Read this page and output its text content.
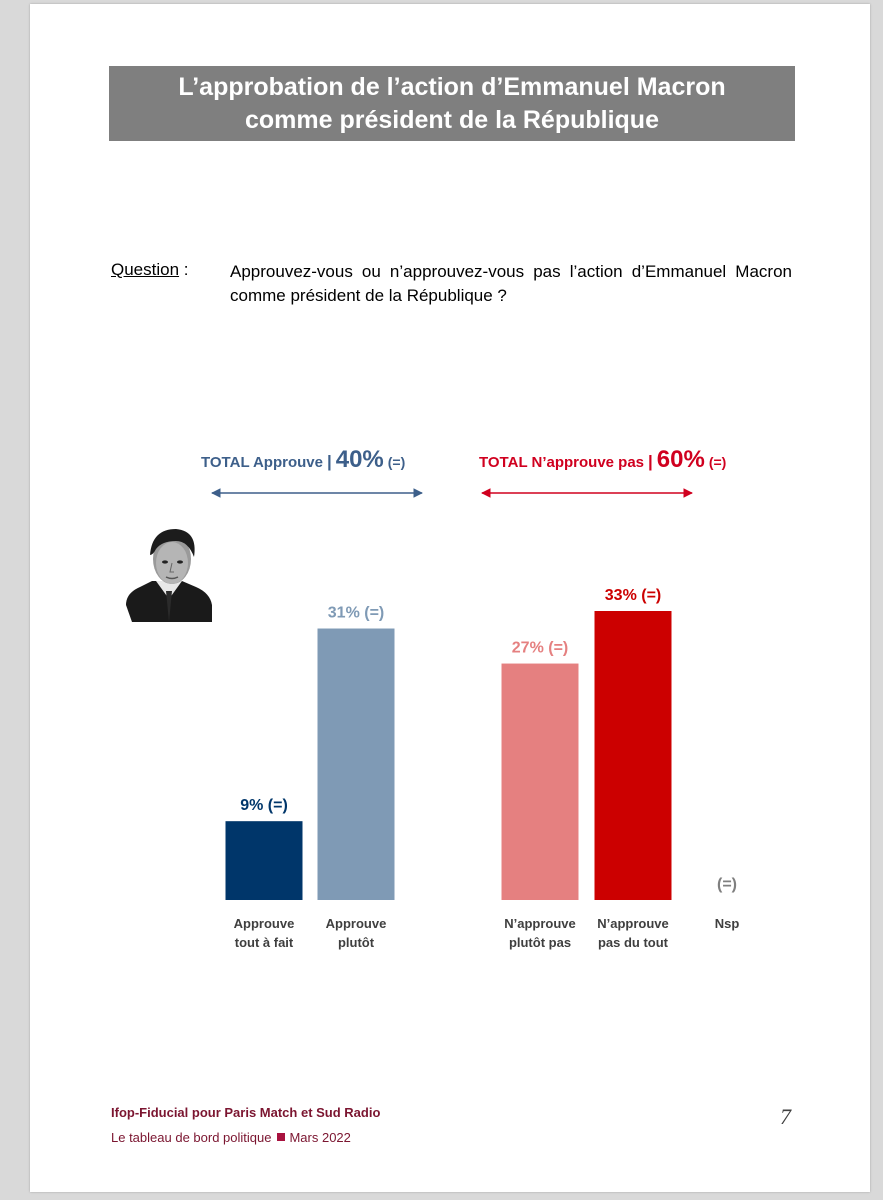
L’approbation de l’action d’Emmanuel Macron
comme président de la République
Question : Approuvez-vous ou n’approuvez-vous pas l’action d’Emmanuel Macron comme président de la République ?
TOTAL Approuve | 40% (=)	TOTAL N’approuve pas | 60% (=)
9% (=)
31% (=)
27% (=)
33% (=)
(=)
Approuve
tout à fait
Approuve
plutôt
N’approuve
plutôt pas
N’approuve
pas du tout
Nsp
Ifop-Fiducial pour Paris Match et Sud Radio
Le tableau de bord politique Mars 2022
7
